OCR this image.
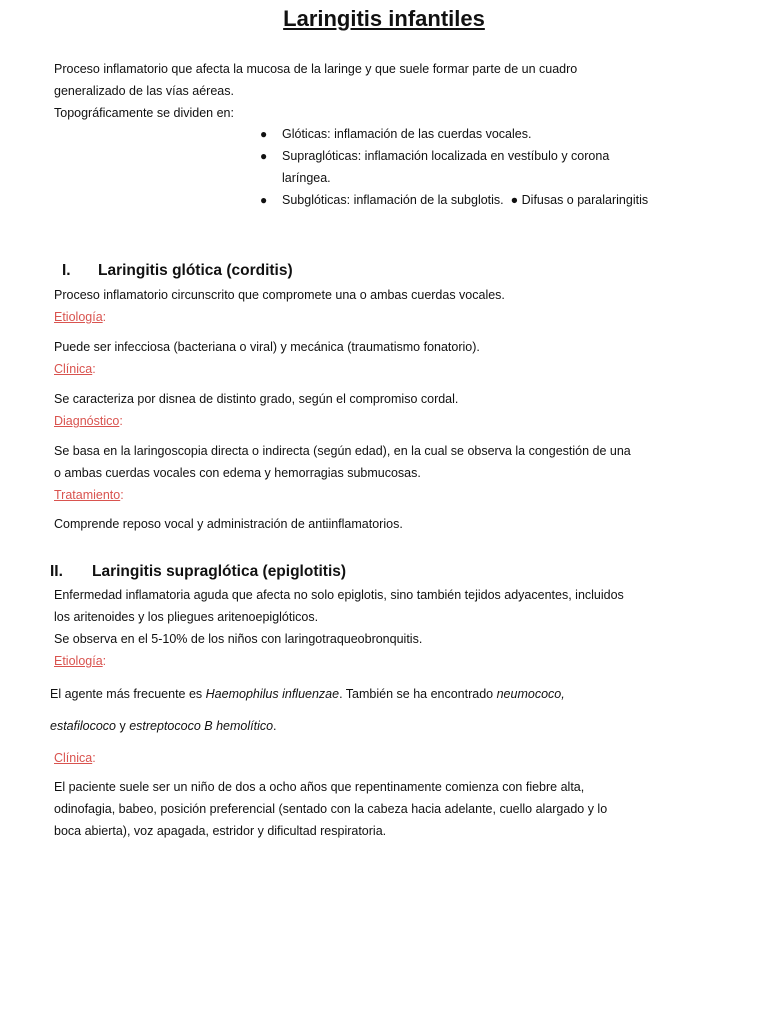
Laringitis infantiles

Proceso inflamatorio que afecta la mucosa de la laringe y que suele formar parte de un cuadro

generalizado de las vías aéreas.

Topográficamente se dividen en:

● Glóticas: inflamación de las cuerdas vocales.
● Supraglóticas: inflamación localizada en vestíbulo y corona
laríngea.
● Subglóticas: inflamación de la subglotis. ● Difusas o paralaringitis
I. Laringitis glótica (corditis)

Proceso inflamatorio circunscrito que compromete una o ambas cuerdas vocales.

Etiología:

Puede ser infecciosa (bacteriana o viral) y mecánica (traumatismo fonatorio).

Clínica:

Se caracteriza por disnea de distinto grado, según el compromiso cordal.

Diagnóstico:

Se basa en la laringoscopia directa o indirecta (según edad), en la cual se observa la congestión de una

o ambas cuerdas vocales con edema y hemorragias submucosas.

Tratamiento:

Comprende reposo vocal y administración de antiinflamatorios.

II. Laringitis supraglótica (epiglotitis)

Enfermedad inflamatoria aguda que afecta no solo epiglotis, sino también tejidos adyacentes, incluidos

los aritenoides y los pliegues aritenoepiglóticos.

Se observa en el 5-10% de los niños con laringotraqueobronquitis.

Etiología:

El agente más frecuente es Haemophilus influenzae. También se ha encontrado neumococo,

estafilococo y estreptococo B hemolítico.

Clínica:

El paciente suele ser un niño de dos a ocho años que repentinamente comienza con fiebre alta,

odinofagia, babeo, posición preferencial (sentado con la cabeza hacia adelante, cuello alargado y lo

boca abierta), voz apagada, estridor y dificultad respiratoria.
